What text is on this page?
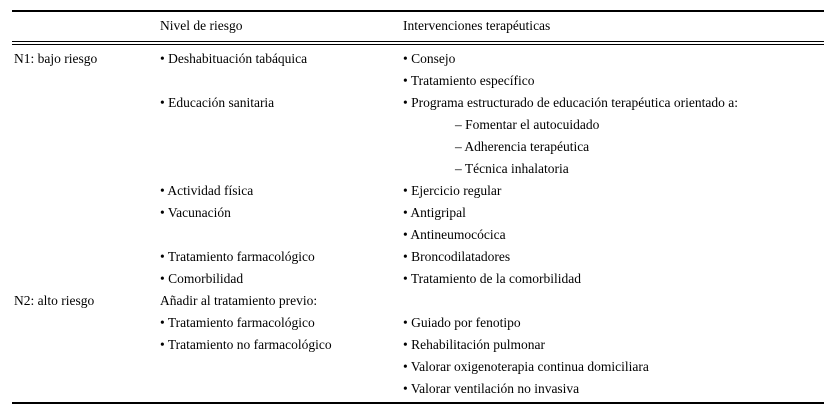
	Nivel de riesgo	Intervenciones terapéuticas
N1: bajo riesgo	• Deshabituación tabáquica	• Consejo
		• Tratamiento específico
	• Educación sanitaria	• Programa estructurado de educación terapéutica orientado a:
		– Fomentar el autocuidado
		– Adherencia terapéutica
		– Técnica inhalatoria
	• Actividad física	• Ejercicio regular
	• Vacunación	• Antigripal
		• Antineumocócica
	• Tratamiento farmacológico	• Broncodilatadores
	• Comorbilidad	• Tratamiento de la comorbilidad
N2: alto riesgo	Añadir al tratamiento previo:	
	• Tratamiento farmacológico	• Guiado por fenotipo
	• Tratamiento no farmacológico	• Rehabilitación pulmonar
		• Valorar oxigenoterapia continua domiciliara
		• Valorar ventilación no invasiva
